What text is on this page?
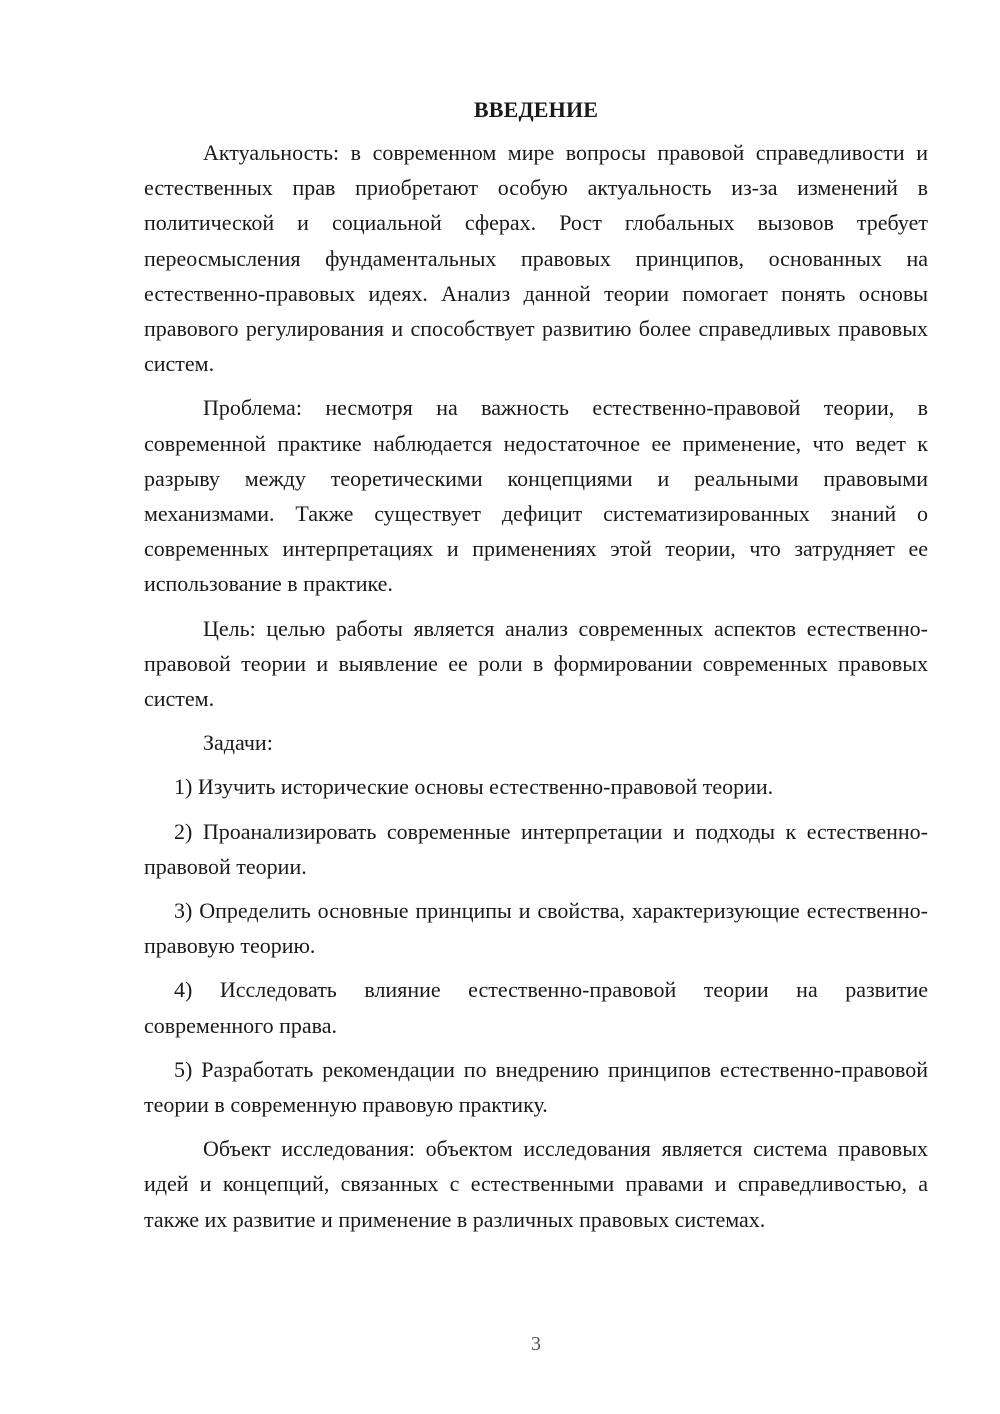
ВВЕДЕНИЕ

Актуальность: в современном мире вопросы правовой справедливости и естественных прав приобретают особую актуальность из-за изменений в политической и социальной сферах. Рост глобальных вызовов требует переосмысления фундаментальных правовых принципов, основанных на естественно-правовых идеях. Анализ данной теории помогает понять основы правового регулирования и способствует развитию более справедливых правовых систем.

Проблема: несмотря на важность естественно-правовой теории, в современной практике наблюдается недостаточное ее применение, что ведет к разрыву между теоретическими концепциями и реальными правовыми механизмами. Также существует дефицит систематизированных знаний о современных интерпретациях и применениях этой теории, что затрудняет ее использование в практике.

Цель: целью работы является анализ современных аспектов естественно-правовой теории и выявление ее роли в формировании современных правовых систем.

Задачи:

1) Изучить исторические основы естественно-правовой теории.

2) Проанализировать современные интерпретации и подходы к естественно-правовой теории.

3) Определить основные принципы и свойства, характеризующие естественно-правовую теорию.

4) Исследовать влияние естественно-правовой теории на развитие современного права.

5) Разработать рекомендации по внедрению принципов естественно-правовой теории в современную правовую практику.

Объект исследования: объектом исследования является система правовых идей и концепций, связанных с естественными правами и справедливостью, а также их развитие и применение в различных правовых системах.

3
